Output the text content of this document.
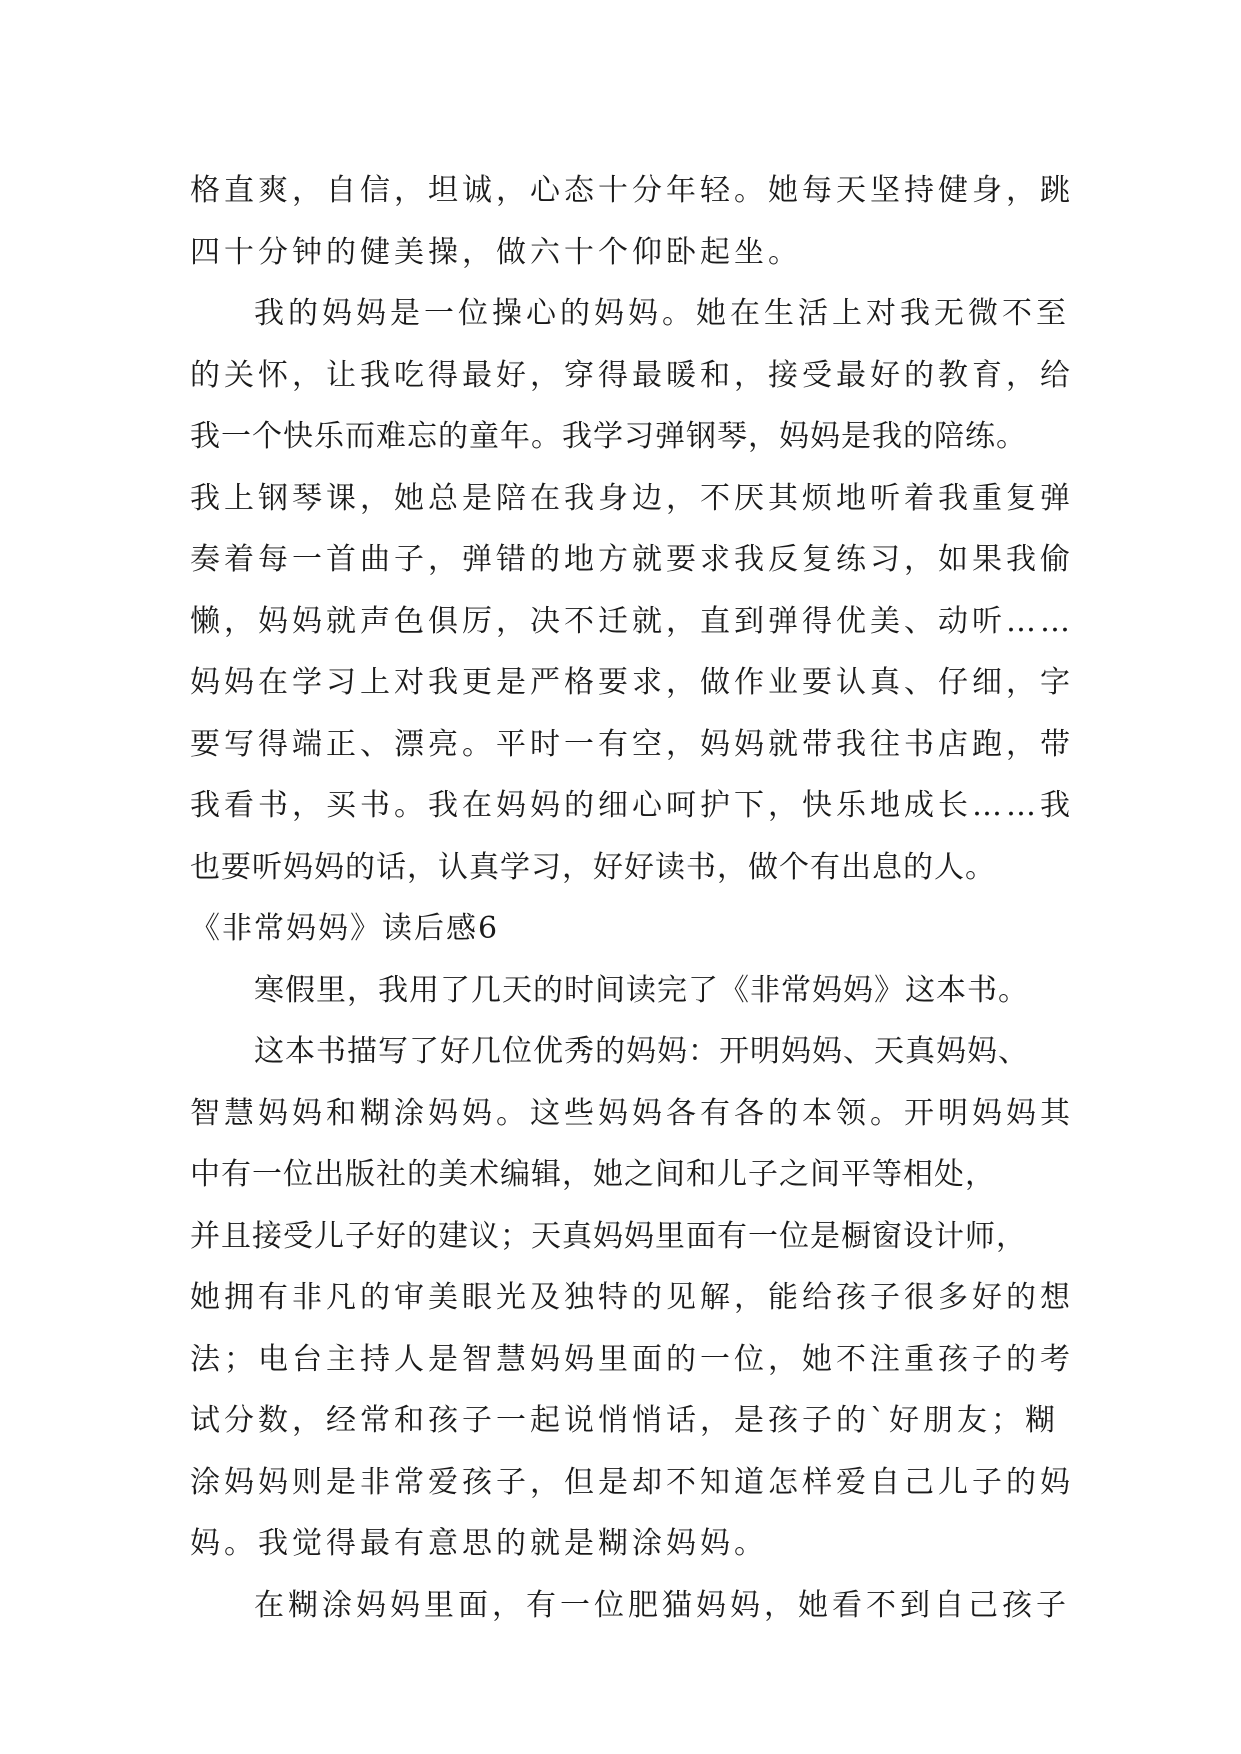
格直爽，自信，坦诚，心态十分年轻。她每天坚持健身，跳
四十分钟的健美操，做六十个仰卧起坐。
我的妈妈是一位操心的妈妈。她在生活上对我无微不至
的关怀，让我吃得最好，穿得最暖和，接受最好的教育，给
我一个快乐而难忘的童年。我学习弹钢琴，妈妈是我的陪练。
我上钢琴课，她总是陪在我身边，不厌其烦地听着我重复弹
奏着每一首曲子，弹错的地方就要求我反复练习，如果我偷
懒，妈妈就声色俱厉，决不迁就，直到弹得优美、动听……
妈妈在学习上对我更是严格要求，做作业要认真、仔细，字
要写得端正、漂亮。平时一有空，妈妈就带我往书店跑，带
我看书，买书。我在妈妈的细心呵护下，快乐地成长……我
也要听妈妈的话，认真学习，好好读书，做个有出息的人。
《非常妈妈》读后感6
寒假里，我用了几天的时间读完了《非常妈妈》这本书。
这本书描写了好几位优秀的妈妈：开明妈妈、天真妈妈、
智慧妈妈和糊涂妈妈。这些妈妈各有各的本领。开明妈妈其
中有一位出版社的美术编辑，她之间和儿子之间平等相处，
并且接受儿子好的建议；天真妈妈里面有一位是橱窗设计师，
她拥有非凡的审美眼光及独特的见解，能给孩子很多好的想
法；电台主持人是智慧妈妈里面的一位，她不注重孩子的考
试分数，经常和孩子一起说悄悄话，是孩子的`好朋友；糊
涂妈妈则是非常爱孩子，但是却不知道怎样爱自己儿子的妈
妈。我觉得最有意思的就是糊涂妈妈。
在糊涂妈妈里面，有一位肥猫妈妈，她看不到自己孩子
